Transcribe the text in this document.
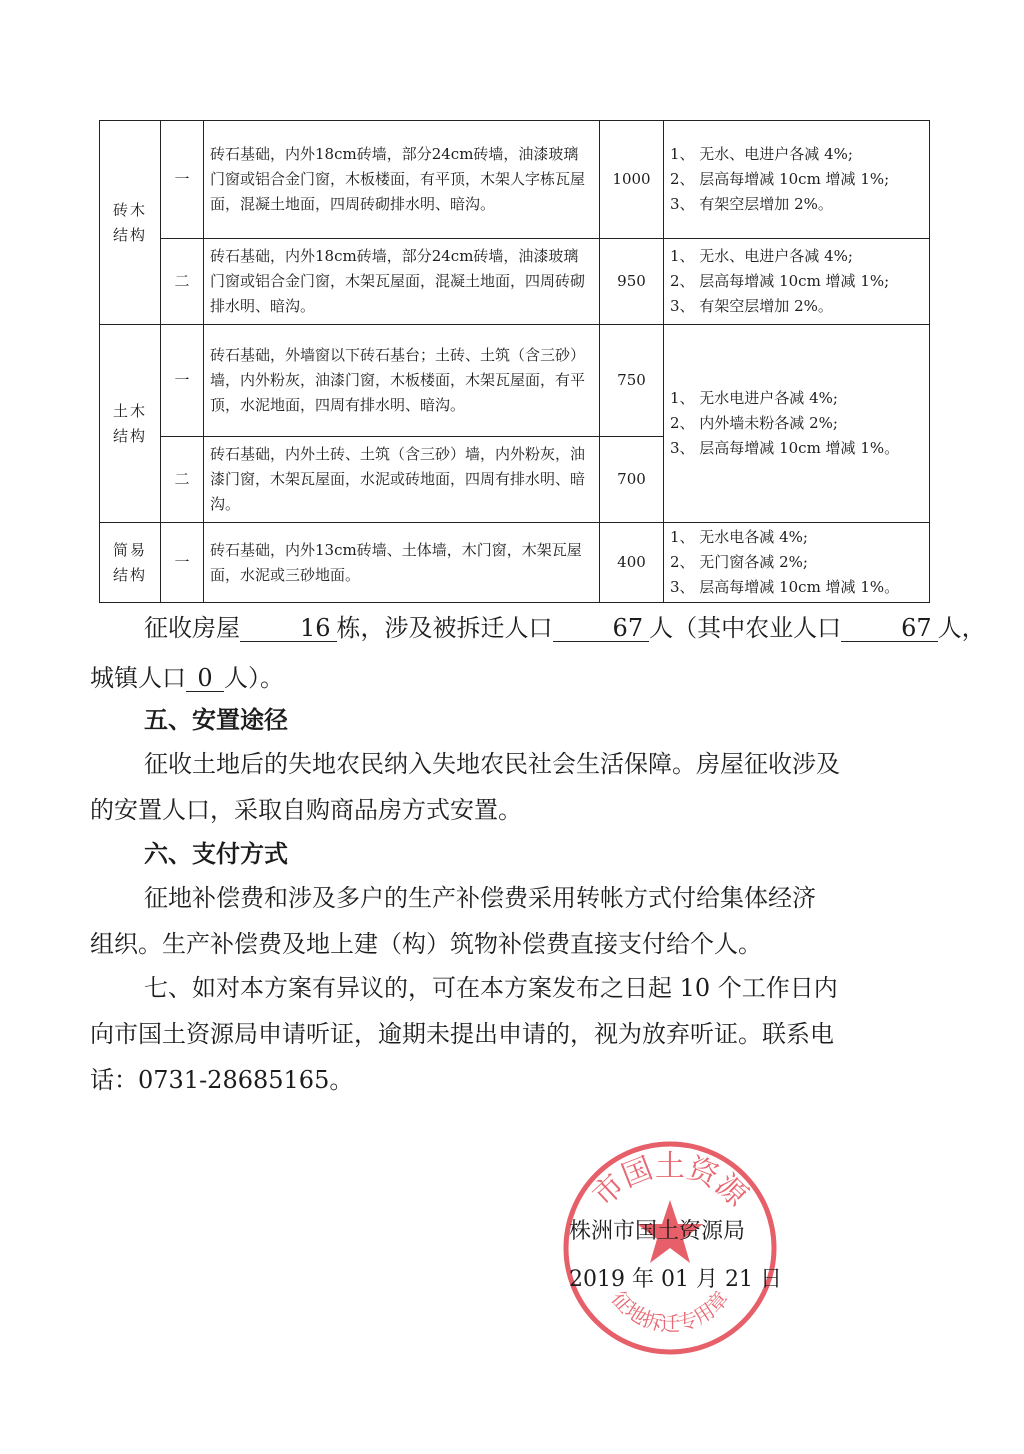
砖木结构	一	砖石基础，内外18cm砖墙，部分24cm砖墙，油漆玻璃门窗或铝合金门窗，木板楼面，有平顶，木架人字栋瓦屋面，混凝土地面，四周砖砌排水明、暗沟。	1000	1、 无水、电进户各减 4%;
2、 层高每增减 10cm 增减 1%;
3、 有架空层增加 2%。

	二	砖石基础，内外18cm砖墙，部分24cm砖墙，油漆玻璃门窗或铝合金门窗，木架瓦屋面，混凝土地面，四周砖砌排水明、暗沟。	950	1、 无水、电进户各减 4%;
2、 层高每增减 10cm 增减 1%;
3、 有架空层增加 2%。

土木结构	一	砖石基础，外墙窗以下砖石基台；土砖、土筑（含三砂）墙，内外粉灰，油漆门窗，木板楼面，木架瓦屋面，有平顶，水泥地面，四周有排水明、暗沟。	750	1、 无水电进户各减 4%;
2、 内外墙未粉各减 2%;
3、 层高每增减 10cm 增减 1%。

	二	砖石基础，内外土砖、土筑（含三砂）墙，内外粉灰，油漆门窗，木架瓦屋面，水泥或砖地面，四周有排水明、暗沟。	700	
简易结构	一	砖石基础，内外13cm砖墙、土体墙，木门窗，木架瓦屋面，水泥或三砂地面。	400	1、 无水电各减 4%;
2、 无门窗各减 2%;
3、 层高每增减 10cm 增减 1%。

征收房屋	16 栋，涉及被拆迁人口	67 人（其中农业人口	67 人，

城镇人口 0 人）。

五、安置途径

征收土地后的失地农民纳入失地农民社会生活保障。房屋征收涉及

的安置人口，采取自购商品房方式安置。

六、支付方式

征地补偿费和涉及多户的生产补偿费采用转帐方式付给集体经济

组织。生产补偿费及地上建（构）筑物补偿费直接支付给个人。

七、如对本方案有异议的，可在本方案发布之日起 10 个工作日内

向市国土资源局申请听证，逾期未提出申请的，视为放弃听证。联系电

话：0731-28685165。

市国土资源
征地拆迁专用章
株洲市国土资源局
2019 年 01 月 21 日
